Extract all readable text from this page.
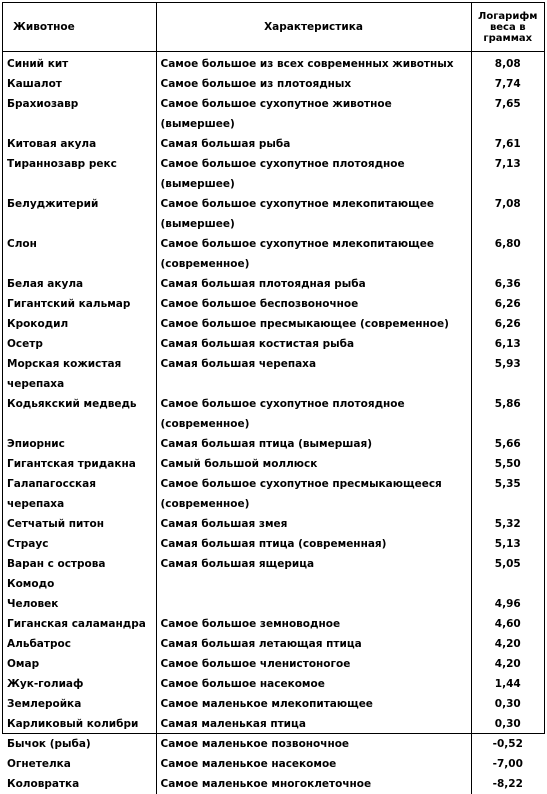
Животное	Характеристика	Логарифм
веса в
граммах
Синий кит	Самое большое из всех современных животных	8,08
Кашалот	Самое большое из плотоядных	7,74
Брахиозавр	Самое большое сухопутное животное (вымершее)	7,65
Китовая акула	Самая большая рыба	7,61
Тираннозавр рекс	Самое большое сухопутное плотоядное (вымершее)	7,13
Белуджитерий	Самое большое сухопутное млекопитающее (вымершее)	7,08
Слон	Самое большое сухопутное млекопитающее (современное)	6,80
Белая акула	Самая большая плотоядная рыба	6,36
Гигантский кальмар	Самое большое беспозвоночное	6,26
Крокодил	Самое большое пресмыкающее (современное)	6,26
Осетр	Самая большая костистая рыба	6,13
Морская кожистая черепаха	Самая большая черепаха	5,93
Кодьякский медведь	Самое большое сухопутное плотоядное (современное)	5,86
Эпиорнис	Самая большая птица (вымершая)	5,66
Гигантская тридакна	Самый большой моллюск	5,50
Галапагосская черепаха	Самое большое сухопутное пресмыкающееся (современное)	5,35
Сетчатый питон	Самая большая змея	5,32
Страус	Самая большая птица (современная)	5,13
Варан с острова Комодо	Самая большая ящерица	5,05
Человек		4,96
Гиганская саламандра	Самое большое земноводное	4,60
Альбатрос	Самая большая летающая птица	4,20
Омар	Самое большое членистоногое	4,20
Жук-голиаф	Самое большое насекомое	1,44
Землеройка	Самое маленькое млекопитающее	0,30
Карликовый колибри	Самая маленькая птица	0,30
Бычок (рыба)	Самое маленькое позвоночное	-0,52
Огнетелка	Самое маленькое насекомое	-7,00
Коловратка	Самое маленькое многоклеточное	-8,22
